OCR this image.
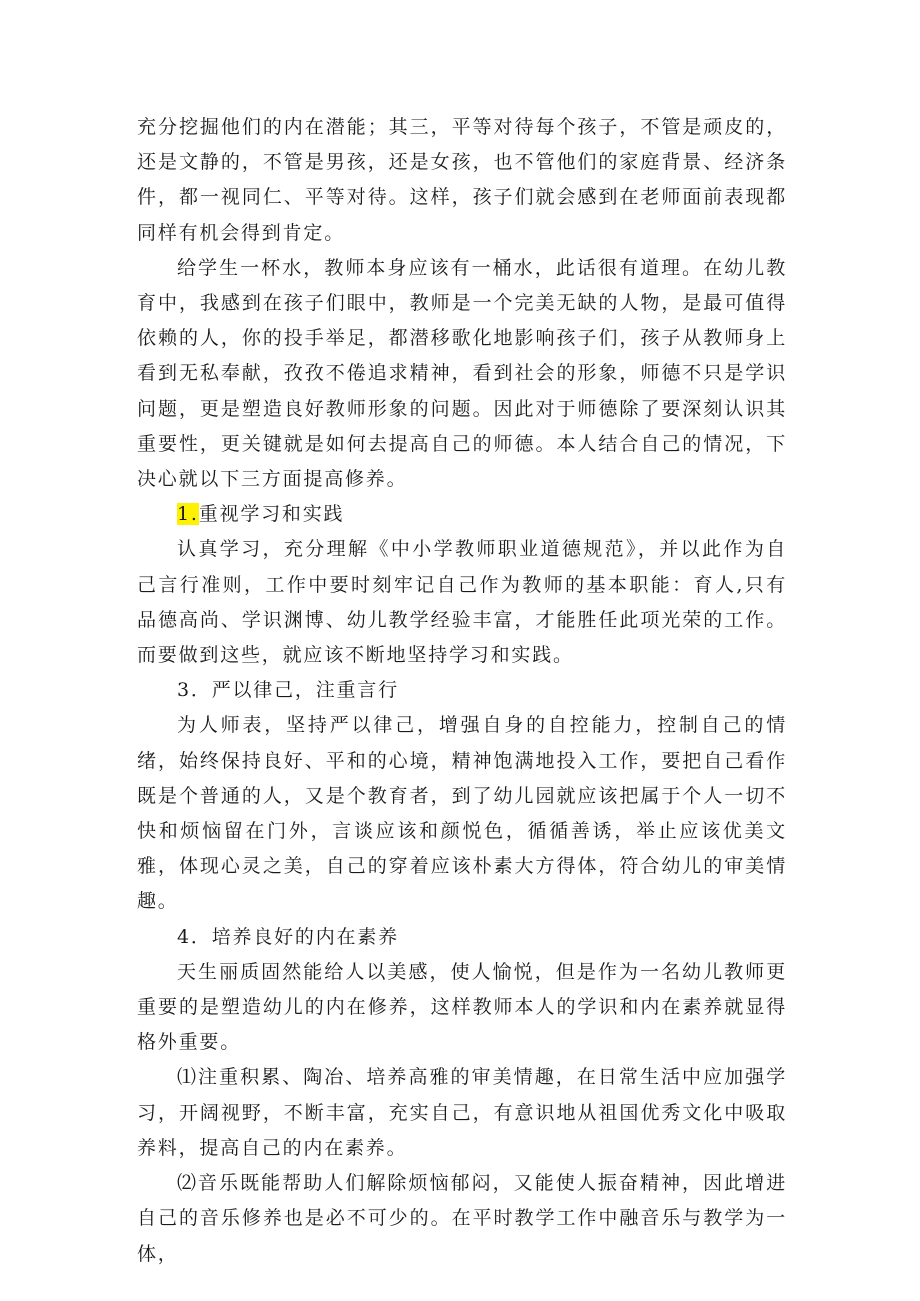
充分挖掘他们的内在潜能；其三，平等对待每个孩子，不管是顽皮的，还是文静的，不管是男孩，还是女孩，也不管他们的家庭背景、经济条件，都一视同仁、平等对待。这样，孩子们就会感到在老师面前表现都同样有机会得到肯定。

给学生一杯水，教师本身应该有一桶水，此话很有道理。在幼儿教育中，我感到在孩子们眼中，教师是一个完美无缺的人物，是最可值得依赖的人，你的投手举足，都潜移歌化地影响孩子们，孩子从教师身上看到无私奉献，孜孜不倦追求精神，看到社会的形象，师德不只是学识问题，更是塑造良好教师形象的问题。因此对于师德除了要深刻认识其重要性，更关键就是如何去提高自己的师德。本人结合自己的情况，下决心就以下三方面提高修养。

1.重视学习和实践

认真学习，充分理解《中小学教师职业道德规范》，并以此作为自己言行准则，工作中要时刻牢记自己作为教师的基本职能：育人,只有品德高尚、学识渊博、幼儿教学经验丰富，才能胜任此项光荣的工作。而要做到这些，就应该不断地坚持学习和实践。

3．严以律己，注重言行

为人师表，坚持严以律己，增强自身的自控能力，控制自己的情绪，始终保持良好、平和的心境，精神饱满地投入工作，要把自己看作既是个普通的人，又是个教育者，到了幼儿园就应该把属于个人一切不快和烦恼留在门外，言谈应该和颜悦色，循循善诱，举止应该优美文雅，体现心灵之美，自己的穿着应该朴素大方得体，符合幼儿的审美情趣。

4．培养良好的内在素养

天生丽质固然能给人以美感，使人愉悦，但是作为一名幼儿教师更重要的是塑造幼儿的内在修养，这样教师本人的学识和内在素养就显得格外重要。

⑴注重积累、陶冶、培养高雅的审美情趣，在日常生活中应加强学习，开阔视野，不断丰富，充实自己，有意识地从祖国优秀文化中吸取养料，提高自己的内在素养。

⑵音乐既能帮助人们解除烦恼郁闷，又能使人振奋精神，因此增进自己的音乐修养也是必不可少的。在平时教学工作中融音乐与教学为一体，
